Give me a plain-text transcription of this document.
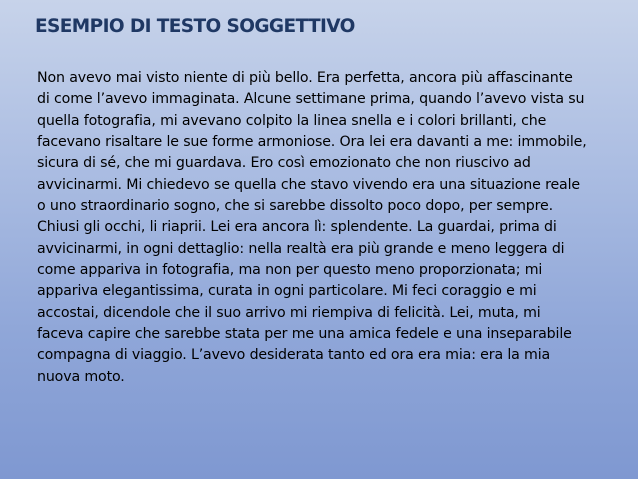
ESEMPIO DI TESTO SOGGETTIVO

Non avevo mai visto niente di più bello. Era perfetta, ancora più affascinante
di come l’avevo immaginata. Alcune settimane prima, quando l’avevo vista su
quella fotografia, mi avevano colpito la linea snella e i colori brillanti, che
facevano risaltare le sue forme armoniose. Ora lei era davanti a me: immobile,
sicura di sé, che mi guardava. Ero così emozionato che non riuscivo ad
avvicinarmi. Mi chiedevo se quella che stavo vivendo era una situazione reale
o uno straordinario sogno, che si sarebbe dissolto poco dopo, per sempre.
Chiusi gli occhi, li riaprii. Lei era ancora lì: splendente. La guardai, prima di
avvicinarmi, in ogni dettaglio: nella realtà era più grande e meno leggera di
come appariva in fotografia, ma non per questo meno proporzionata; mi
appariva elegantissima, curata in ogni particolare. Mi feci coraggio e mi
accostai, dicendole che il suo arrivo mi riempiva di felicità. Lei, muta, mi
faceva capire che sarebbe stata per me una amica fedele e una inseparabile
compagna di viaggio. L’avevo desiderata tanto ed ora era mia: era la mia
nuova moto.
